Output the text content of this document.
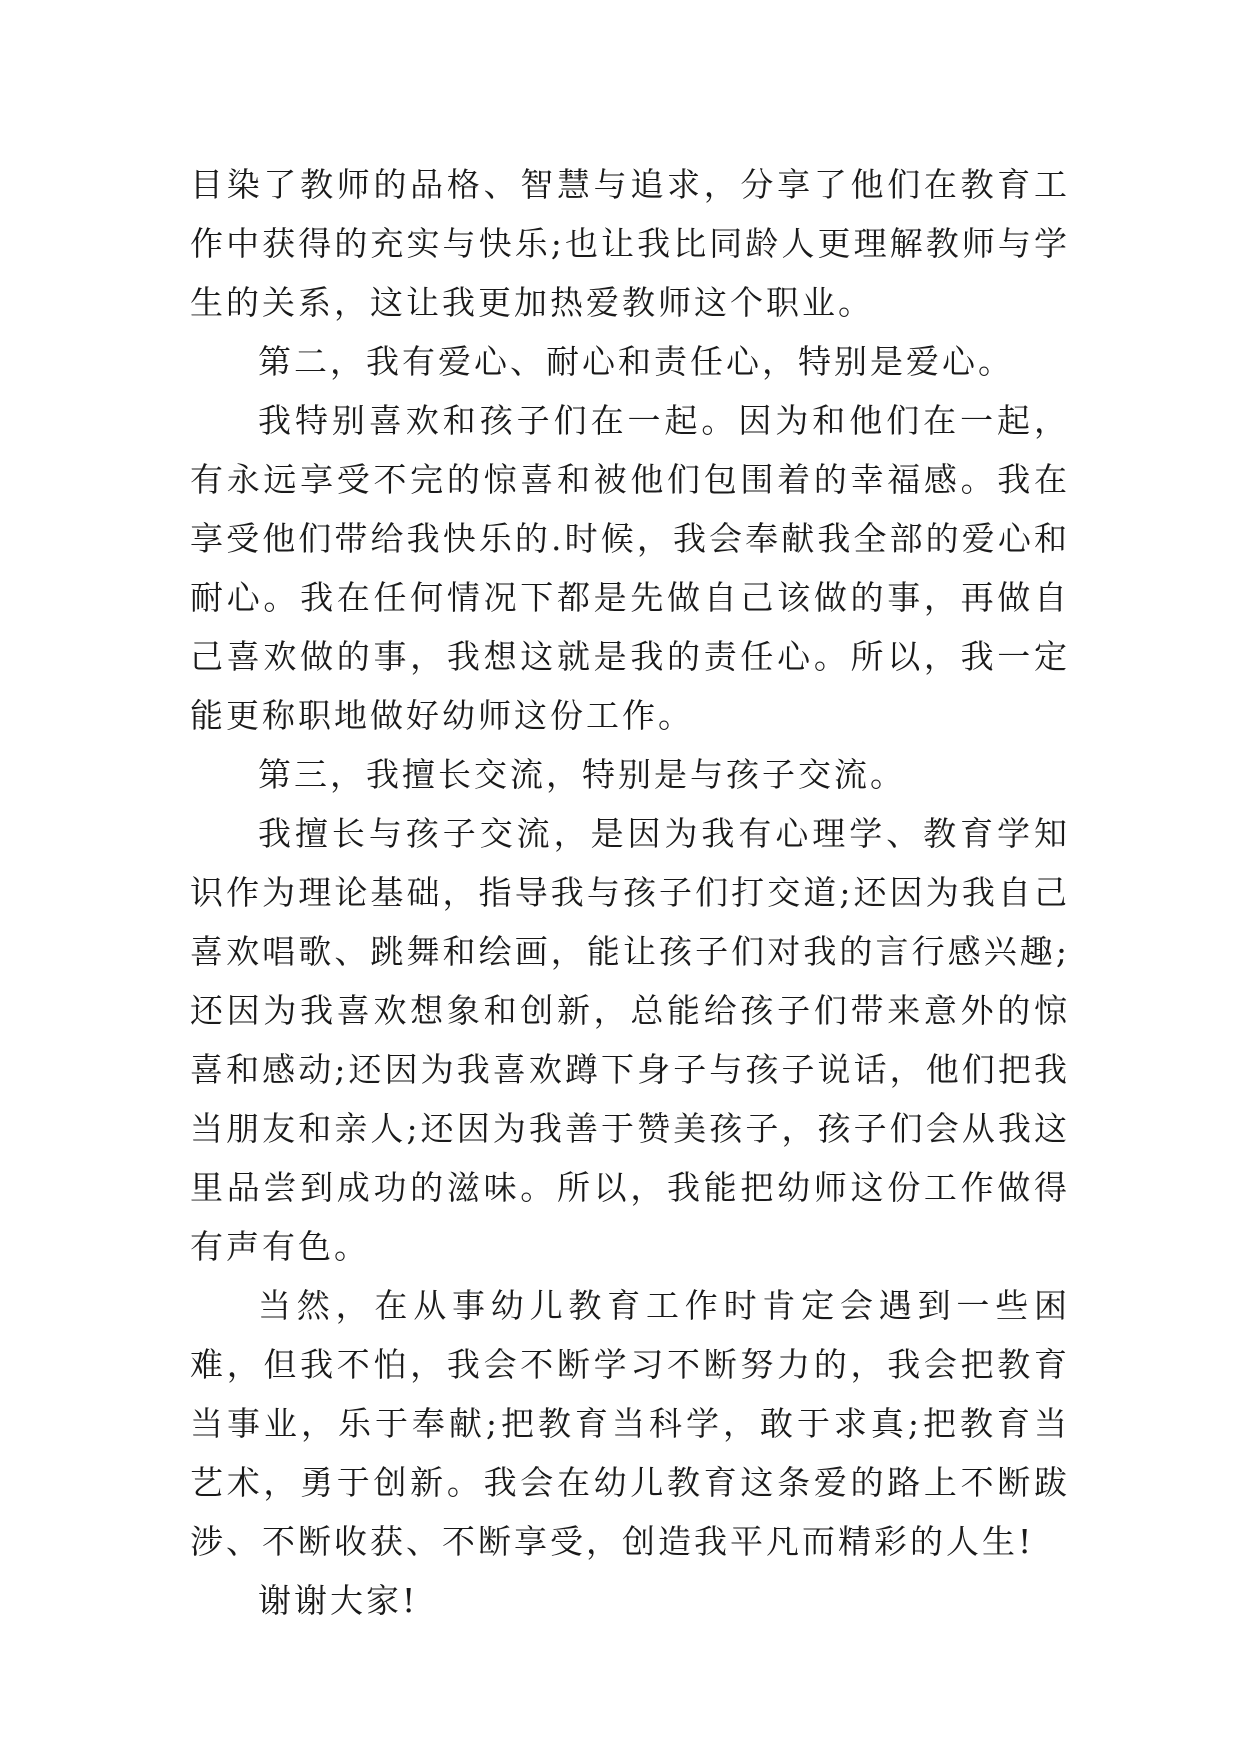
目染了教师的品格、智慧与追求，分享了他们在教育工作中获得的充实与快乐;也让我比同龄人更理解教师与学生的关系，这让我更加热爱教师这个职业。

第二，我有爱心、耐心和责任心，特别是爱心。

我特别喜欢和孩子们在一起。因为和他们在一起，有永远享受不完的惊喜和被他们包围着的幸福感。我在享受他们带给我快乐的.时候，我会奉献我全部的爱心和耐心。我在任何情况下都是先做自己该做的事，再做自己喜欢做的事，我想这就是我的责任心。所以，我一定能更称职地做好幼师这份工作。

第三，我擅长交流，特别是与孩子交流。

我擅长与孩子交流，是因为我有心理学、教育学知识作为理论基础，指导我与孩子们打交道;还因为我自己喜欢唱歌、跳舞和绘画，能让孩子们对我的言行感兴趣;还因为我喜欢想象和创新，总能给孩子们带来意外的惊喜和感动;还因为我喜欢蹲下身子与孩子说话，他们把我当朋友和亲人;还因为我善于赞美孩子，孩子们会从我这里品尝到成功的滋味。所以，我能把幼师这份工作做得有声有色。

当然，在从事幼儿教育工作时肯定会遇到一些困难，但我不怕，我会不断学习不断努力的，我会把教育当事业，乐于奉献;把教育当科学，敢于求真;把教育当艺术，勇于创新。我会在幼儿教育这条爱的路上不断跋涉、不断收获、不断享受，创造我平凡而精彩的人生!

谢谢大家!
